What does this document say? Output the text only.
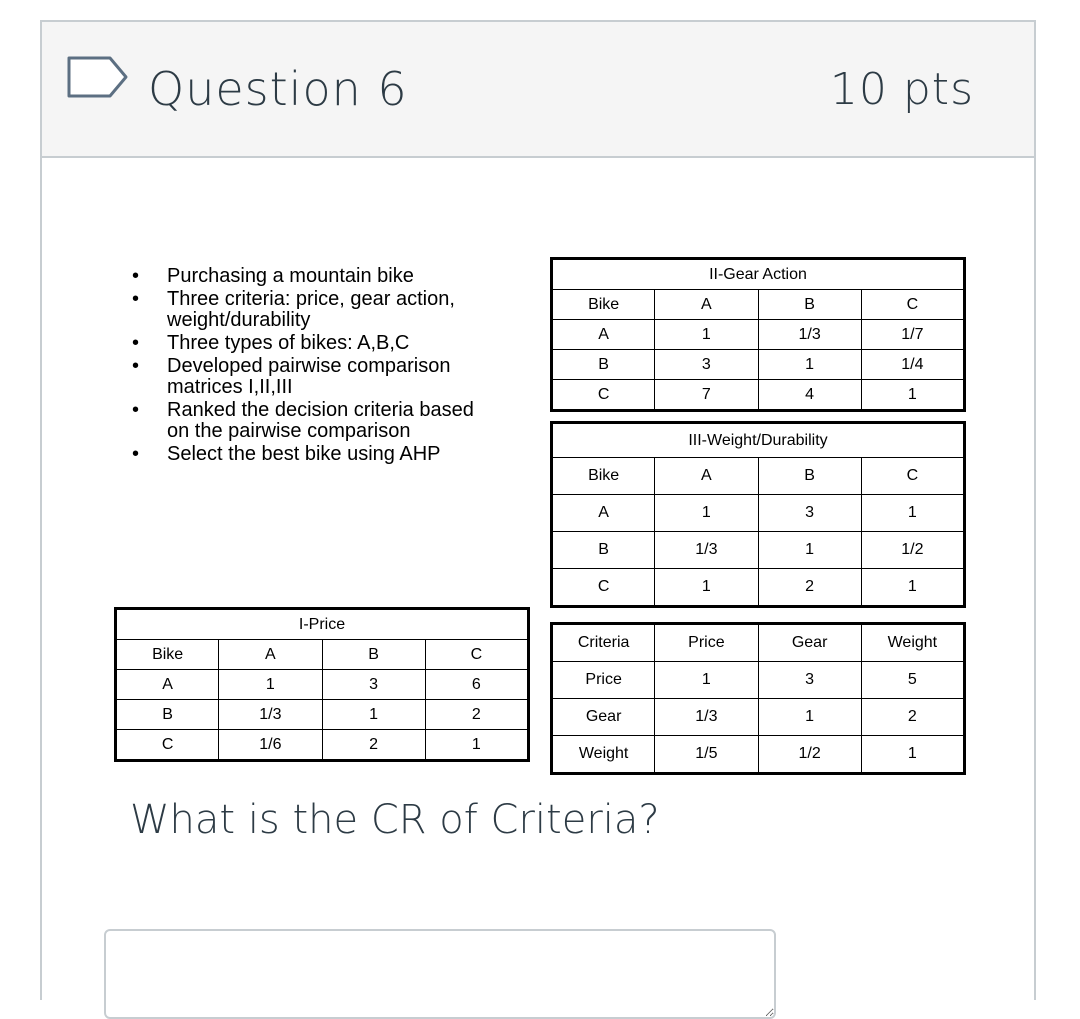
Question 6	10 pts
• Purchasing a mountain bike
• Three criteria: price, gear action, weight/durability
• Three types of bikes: A,B,C
• Developed pairwise comparison matrices I,II,III
• Ranked the decision criteria based on the pairwise comparison
• Select the best bike using AHP
I-Price			
Bike	A	B	C
A	1	3	6
B	1/3	1	2
C	1/6	2	1
II-Gear Action			
Bike	A	B	C
A	1	1/3	1/7
B	3	1	1/4
C	7	4	1
III-Weight/Durability			
Bike	A	B	C
A	1	3	1
B	1/3	1	1/2
C	1	2	1
Criteria	Price	Gear	Weight
Price	1	3	5
Gear	1/3	1	2
Weight	1/5	1/2	1
What is the CR of Criteria?
